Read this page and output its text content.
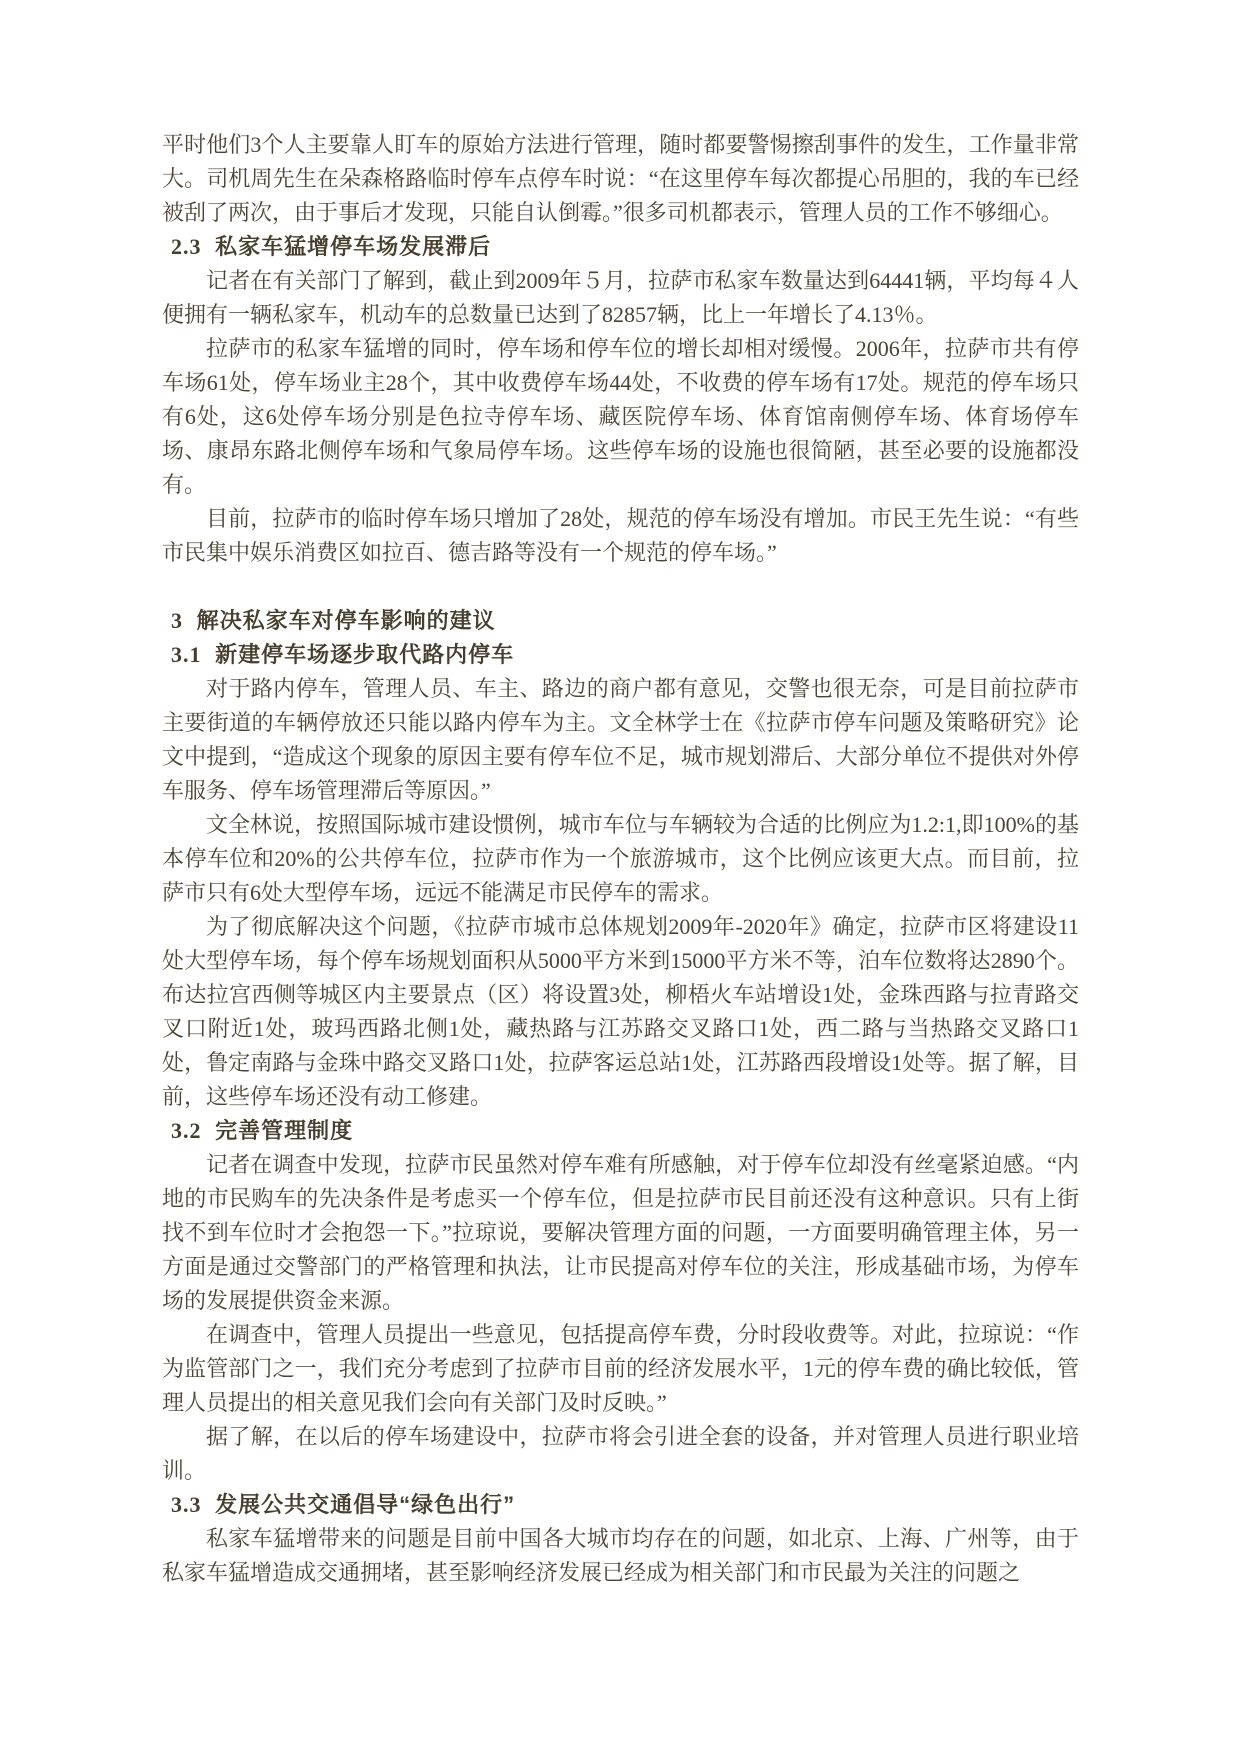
平时他们3个人主要靠人盯车的原始方法进行管理，随时都要警惕擦刮事件的发生，工作量非常大。司机周先生在朵森格路临时停车点停车时说：“在这里停车每次都提心吊胆的，我的车已经被刮了两次，由于事后才发现，只能自认倒霉。”很多司机都表示，管理人员的工作不够细心。

2.3 私家车猛增停车场发展滞后

记者在有关部门了解到，截止到2009年５月，拉萨市私家车数量达到64441辆，平均每４人便拥有一辆私家车，机动车的总数量已达到了82857辆，比上一年增长了4.13％。

拉萨市的私家车猛增的同时，停车场和停车位的增长却相对缓慢。2006年，拉萨市共有停车场61处，停车场业主28个，其中收费停车场44处，不收费的停车场有17处。规范的停车场只有6处，这6处停车场分别是色拉寺停车场、藏医院停车场、体育馆南侧停车场、体育场停车场、康昂东路北侧停车场和气象局停车场。这些停车场的设施也很简陋，甚至必要的设施都没有。

目前，拉萨市的临时停车场只增加了28处，规范的停车场没有增加。市民王先生说：“有些市民集中娱乐消费区如拉百、德吉路等没有一个规范的停车场。”

3 解决私家车对停车影响的建议
3.1 新建停车场逐步取代路内停车

对于路内停车，管理人员、车主、路边的商户都有意见，交警也很无奈，可是目前拉萨市主要街道的车辆停放还只能以路内停车为主。文全林学士在《拉萨市停车问题及策略研究》论文中提到，“造成这个现象的原因主要有停车位不足，城市规划滞后、大部分单位不提供对外停车服务、停车场管理滞后等原因。”

文全林说，按照国际城市建设惯例，城市车位与车辆较为合适的比例应为1.2:1,即100%的基本停车位和20%的公共停车位，拉萨市作为一个旅游城市，这个比例应该更大点。而目前，拉萨市只有6处大型停车场，远远不能满足市民停车的需求。

为了彻底解决这个问题，《拉萨市城市总体规划2009年-2020年》确定，拉萨市区将建设11处大型停车场，每个停车场规划面积从5000平方米到15000平方米不等，泊车位数将达2890个。布达拉宫西侧等城区内主要景点（区）将设置3处，柳梧火车站增设1处，金珠西路与拉青路交叉口附近1处，玻玛西路北侧1处，藏热路与江苏路交叉路口1处，西二路与当热路交叉路口1处，鲁定南路与金珠中路交叉路口1处，拉萨客运总站1处，江苏路西段增设1处等。据了解，目前，这些停车场还没有动工修建。

3.2 完善管理制度

记者在调查中发现，拉萨市民虽然对停车难有所感触，对于停车位却没有丝毫紧迫感。“内地的市民购车的先决条件是考虑买一个停车位，但是拉萨市民目前还没有这种意识。只有上街找不到车位时才会抱怨一下。”拉琼说，要解决管理方面的问题，一方面要明确管理主体，另一方面是通过交警部门的严格管理和执法，让市民提高对停车位的关注，形成基础市场，为停车场的发展提供资金来源。

在调查中，管理人员提出一些意见，包括提高停车费，分时段收费等。对此，拉琼说：“作为监管部门之一，我们充分考虑到了拉萨市目前的经济发展水平，1元的停车费的确比较低，管理人员提出的相关意见我们会向有关部门及时反映。”

据了解，在以后的停车场建设中，拉萨市将会引进全套的设备，并对管理人员进行职业培训。

3.3 发展公共交通倡导“绿色出行”

私家车猛增带来的问题是目前中国各大城市均存在的问题，如北京、上海、广州等，由于私家车猛增造成交通拥堵，甚至影响经济发展已经成为相关部门和市民最为关注的问题之
